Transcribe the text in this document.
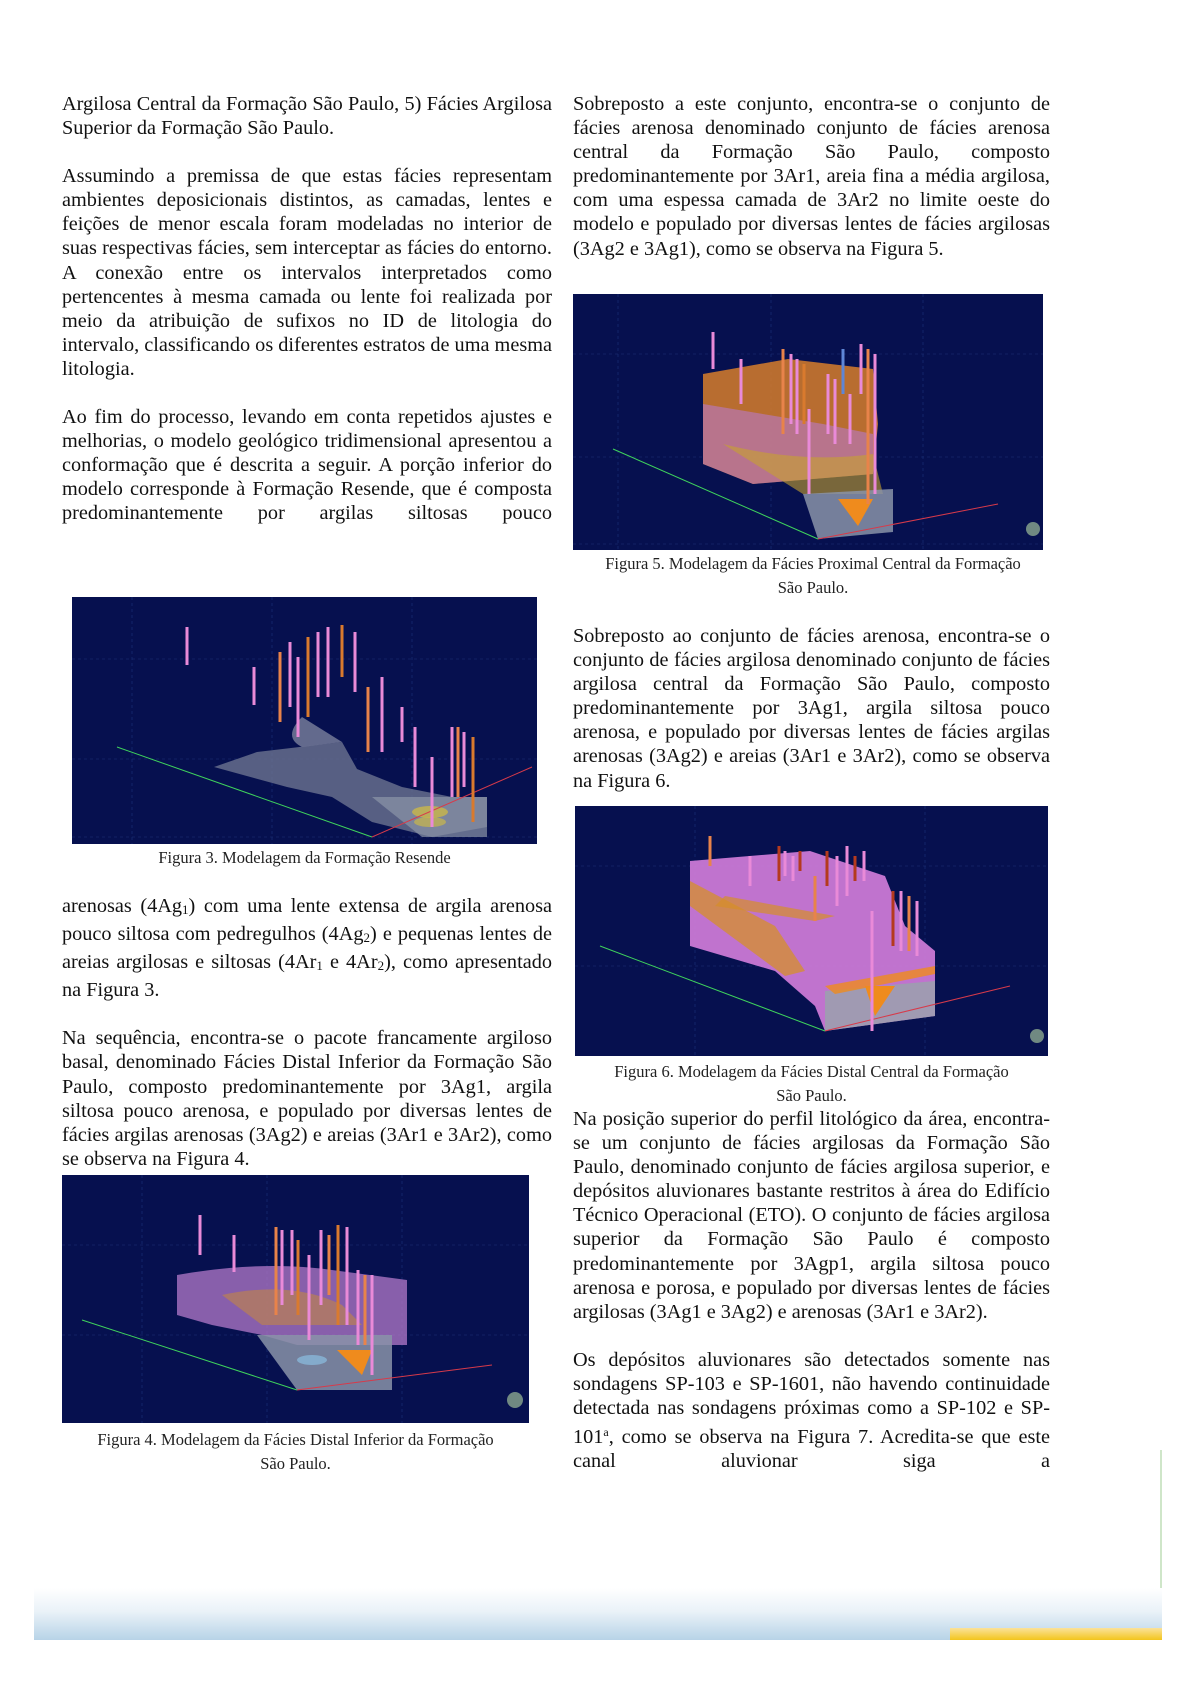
Argilosa Central da Formação São Paulo, 5) Fácies Argilosa Superior da Formação São Paulo.

Assumindo a premissa de que estas fácies representam ambientes deposicionais distintos, as camadas, lentes e feições de menor escala foram modeladas no interior de suas respectivas fácies, sem interceptar as fácies do entorno. A conexão entre os intervalos interpretados como pertencentes à mesma camada ou lente foi realizada por meio da atribuição de sufixos no ID de litologia do intervalo, classificando os diferentes estratos de uma mesma litologia.

Ao fim do processo, levando em conta repetidos ajustes e melhorias, o modelo geológico tridimensional apresentou a conformação que é descrita a seguir. A porção inferior do modelo corresponde à Formação Resende, que é composta predominantemente por argilas siltosas pouco

Figura 3. Modelagem da Formação Resende

arenosas $(4Ag_1)$ com uma lente extensa de argila arenosa pouco siltosa com pedregulhos $(4Ag_2)$ e pequenas lentes de areias argilosas e siltosas ($4Ar_1$ e $4Ar_2$), como apresentado na Figura 3.

Na sequência, encontra-se o pacote francamente argiloso basal, denominado Fácies Distal Inferior da Formação São Paulo, composto predominantemente por 3Ag1, argila siltosa pouco arenosa, e populado por diversas lentes de fácies argilas arenosas (3Ag2) e areias (3Ar1 e 3Ar2), como se observa na Figura 4.

Figura 4. Modelagem da Fácies Distal Inferior da Formação

São Paulo.

Sobreposto a este conjunto, encontra-se o conjunto de fácies arenosa denominado conjunto de fácies arenosa central da Formação São Paulo, composto predominantemente por 3Ar1, areia fina a média argilosa, com uma espessa camada de 3Ar2 no limite oeste do modelo e populado por diversas lentes de fácies argilosas (3Ag2 e 3Ag1), como se observa na Figura 5.

Figura 5. Modelagem da Fácies Proximal Central da Formação

São Paulo.

Sobreposto ao conjunto de fácies arenosa, encontra-se o conjunto de fácies argilosa denominado conjunto de fácies argilosa central da Formação São Paulo, composto predominantemente por 3Ag1, argila siltosa pouco arenosa, e populado por diversas lentes de fácies argilas arenosas (3Ag2) e areias (3Ar1 e 3Ar2), como se observa na Figura 6.

Figura 6. Modelagem da Fácies Distal Central da Formação

São Paulo.

Na posição superior do perfil litológico da área, encontra-se um conjunto de fácies argilosas da Formação São Paulo, denominado conjunto de fácies argilosa superior, e depósitos aluvionares bastante restritos à área do Edifício Técnico Operacional (ETO). O conjunto de fácies argilosa superior da Formação São Paulo é composto predominantemente por 3Agp1, argila siltosa pouco arenosa e porosa, e populado por diversas lentes de fácies argilosas (3Ag1 e 3Ag2) e arenosas (3Ar1 e 3Ar2).

Os depósitos aluvionares são detectados somente nas sondagens SP-103 e SP-1601, não havendo continuidade detectada nas sondagens próximas como a SP-102 e SP-101$^a$, como se observa na Figura 7. Acredita-se que este canal aluvionar siga a
